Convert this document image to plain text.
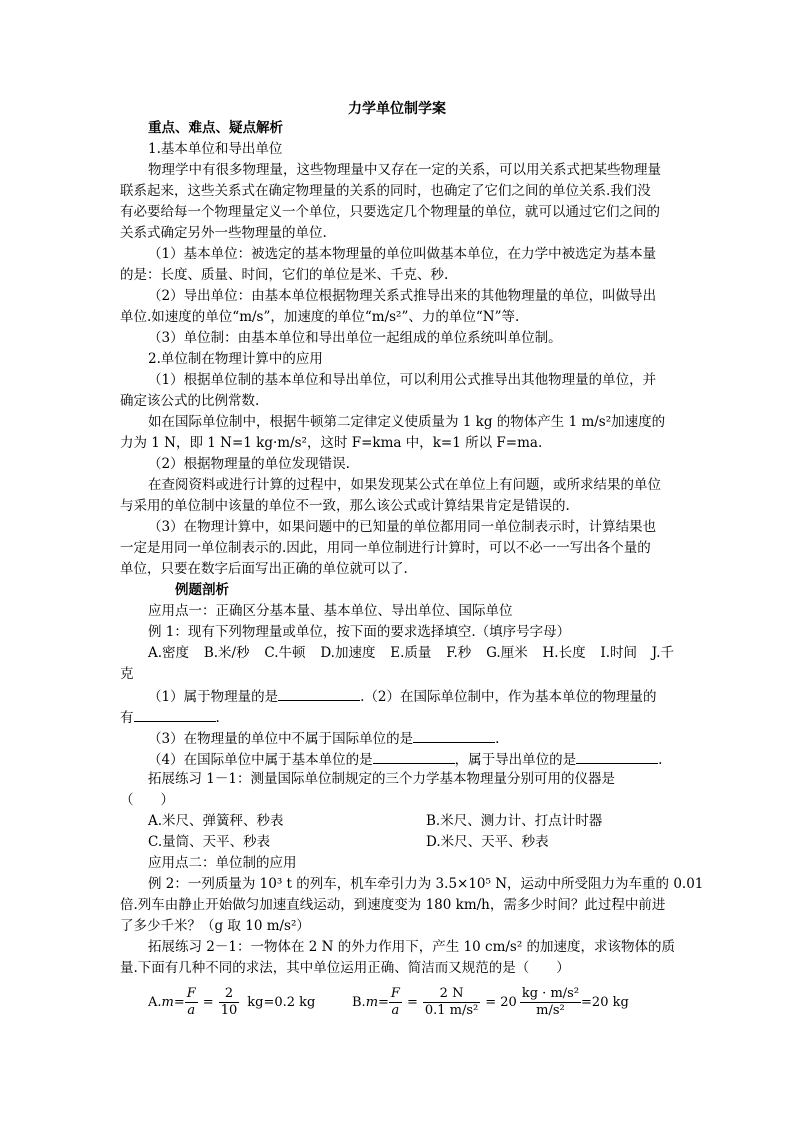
力学单位制学案
重点、难点、疑点解析
1.基本单位和导出单位
物理学中有很多物理量，这些物理量中又存在一定的关系，可以用关系式把某些物理量
联系起来，这些关系式在确定物理量的关系的同时，也确定了它们之间的单位关系.我们没
有必要给每一个物理量定义一个单位，只要选定几个物理量的单位，就可以通过它们之间的
关系式确定另外一些物理量的单位.
（1）基本单位：被选定的基本物理量的单位叫做基本单位，在力学中被选定为基本量
的是：长度、质量、时间，它们的单位是米、千克、秒.
（2）导出单位：由基本单位根据物理关系式推导出来的其他物理量的单位，叫做导出
单位.如速度的单位“m/s”，加速度的单位“m/s²”、力的单位“N”等.
（3）单位制：由基本单位和导出单位一起组成的单位系统叫单位制。
2.单位制在物理计算中的应用
（1）根据单位制的基本单位和导出单位，可以利用公式推导出其他物理量的单位，并
确定该公式的比例常数.
如在国际单位制中，根据牛顿第二定律定义使质量为 1 kg 的物体产生 1 m/s²加速度的
力为 1 N，即 1 N=1 kg·m/s²，这时 F=kma 中，k=1 所以 F=ma.
（2）根据物理量的单位发现错误.
在查阅资料或进行计算的过程中，如果发现某公式在单位上有问题，或所求结果的单位
与采用的单位制中该量的单位不一致，那么该公式或计算结果肯定是错误的.
（3）在物理计算中，如果问题中的已知量的单位都用同一单位制表示时，计算结果也
一定是用同一单位制表示的.因此，用同一单位制进行计算时，可以不必一一写出各个量的
单位，只要在数字后面写出正确的单位就可以了.
例题剖析
应用点一：正确区分基本量、基本单位、导出单位、国际单位
例 1：现有下列物理量或单位，按下面的要求选择填空.（填序号字母）
A.密度 B.米/秒 C.牛顿 D.加速度 E.质量 F.秒 G.厘米 H.长度 I.时间 J.千
克
（1）属于物理量的是	.（2）在国际单位制中，作为基本单位的物理量的
有	.
（3）在物理量的单位中不属于国际单位的是	.
（4）在国际单位中属于基本单位的是	，属于导出单位的是	.
拓展练习 1－1：测量国际单位制规定的三个力学基本物理量分别可用的仪器是
（　　）
A.米尺、弹簧秤、秒表	B.米尺、测力计、打点计时器
C.量筒、天平、秒表	D.米尺、天平、秒表
应用点二：单位制的应用
例 2：一列质量为 10³ t 的列车，机车牵引力为 3.5×10⁵ N，运动中所受阻力为车重的 0.01
倍.列车由静止开始做匀加速直线运动，到速度变为 180 km/h，需多少时间？此过程中前进
了多少千米？（g 取 10 m/s²）
拓展练习 2－1：一物体在 2 N 的外力作用下，产生 10 cm/s² 的加速度，求该物体的质
量.下面有几种不同的求法，其中单位运用正确、简洁而又规范的是（　　）
A. $m = \frac{F}{a} = \frac{2}{10} kg=0.2$ kg	B. $m = \frac{F}{a} = \frac{2 N}{\text{0.1 m/s²}} = 20 \frac{\text{kg · m/s²}}{\text{m/s²}} =20$ kg
